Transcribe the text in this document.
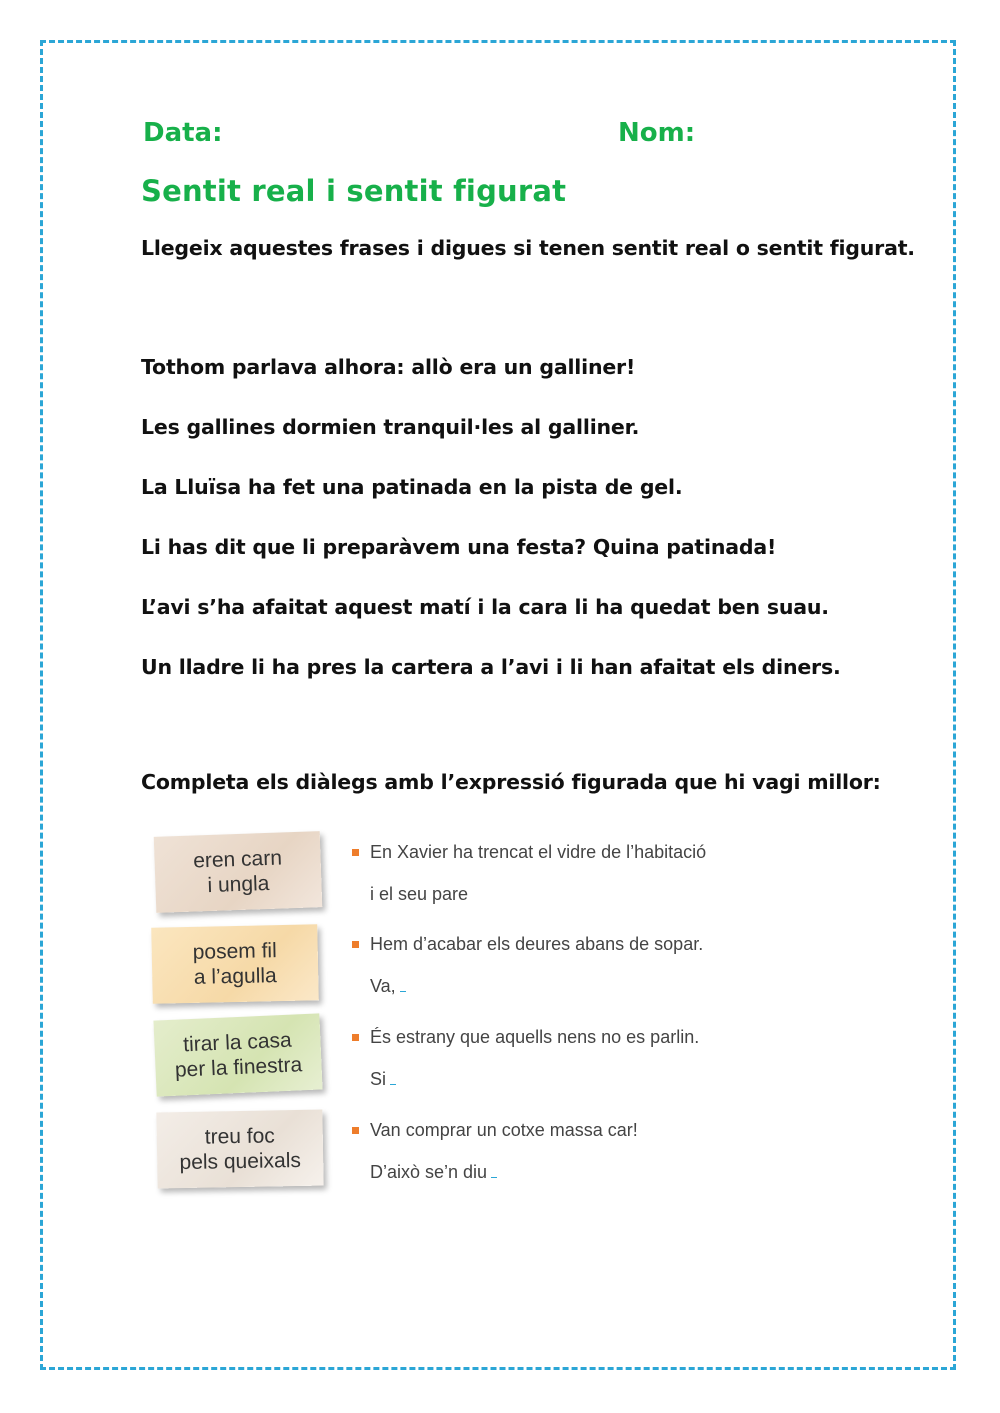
Data:	Nom:
Sentit real i sentit figurat
Llegeix aquestes frases i digues si tenen sentit real o sentit figurat.
Tothom parlava alhora: allò era un galliner!
Les gallines dormien tranquil·les al galliner.
La Lluïsa ha fet una patinada en la pista de gel.
Li has dit que li preparàvem una festa? Quina patinada!
L’avi s’ha afaitat aquest matí i la cara li ha quedat ben suau.
Un lladre li ha pres la cartera a l’avi i li han afaitat els diners.
Completa els diàlegs amb l’expressió figurada que hi vagi millor:
eren carn
i ungla
posem fil
a l’agulla
tirar la casa
per la finestra
treu foc
pels queixals
En Xavier ha trencat el vidre de l’habitació
i el seu pare
Hem d’acabar els deures abans de sopar.
Va,
És estrany que aquells nens no es parlin.
Si
Van comprar un cotxe massa car!
D’això se’n diu
